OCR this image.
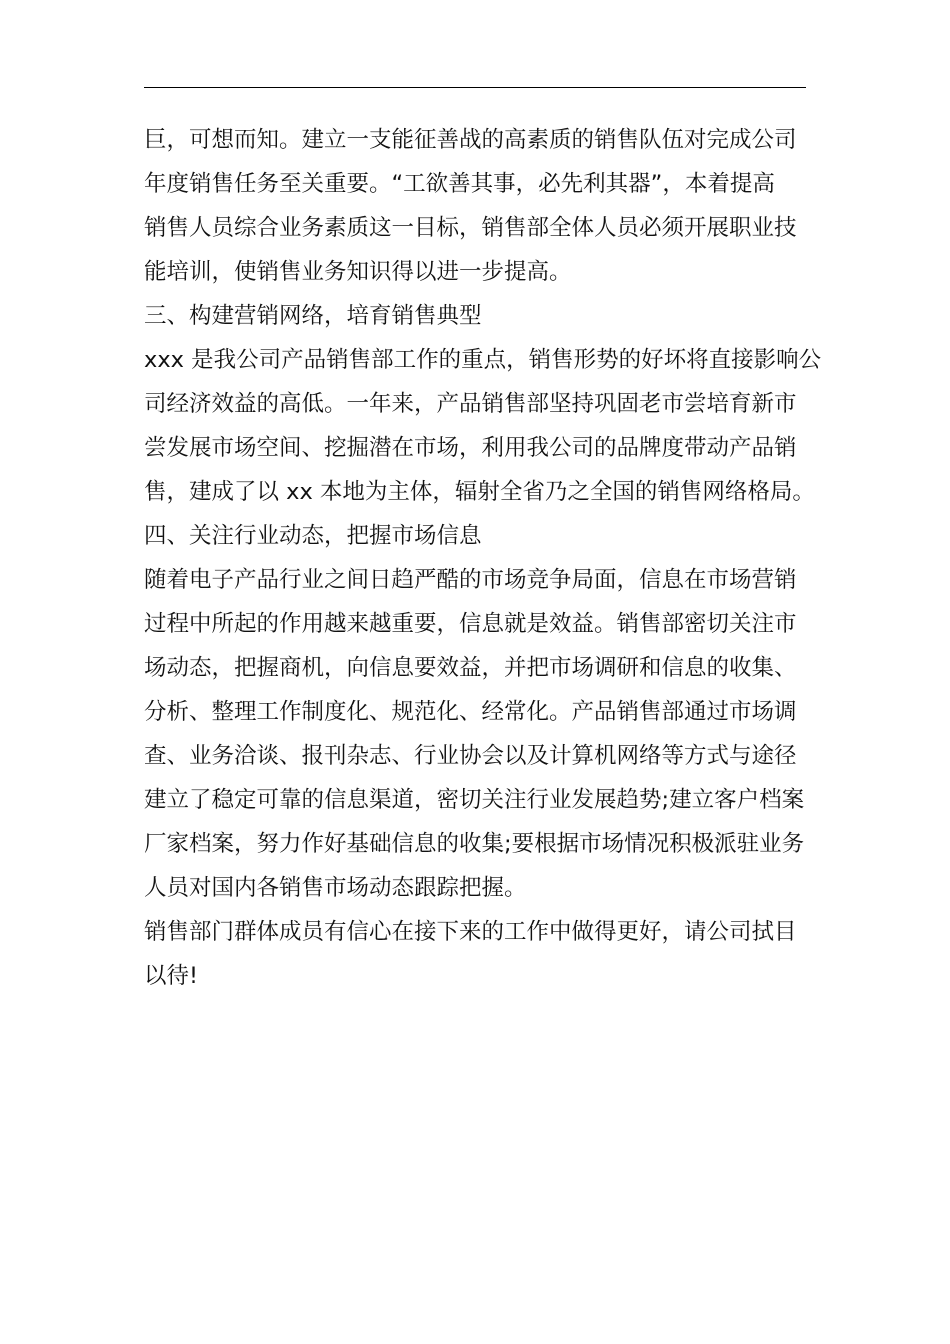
巨，可想而知。建立一支能征善战的高素质的销售队伍对完成公司
年度销售任务至关重要。“工欲善其事，必先利其器”，本着提高
销售人员综合业务素质这一目标，销售部全体人员必须开展职业技
能培训，使销售业务知识得以进一步提高。
三、构建营销网络，培育销售典型
xxx 是我公司产品销售部工作的重点，销售形势的好坏将直接影响公
司经济效益的高低。一年来，产品销售部坚持巩固老市尝培育新市
尝发展市场空间、挖掘潜在市场，利用我公司的品牌度带动产品销
售，建成了以 xx 本地为主体，辐射全省乃之全国的销售网络格局。
四、关注行业动态，把握市场信息
随着电子产品行业之间日趋严酷的市场竞争局面，信息在市场营销
过程中所起的作用越来越重要，信息就是效益。销售部密切关注市
场动态，把握商机，向信息要效益，并把市场调研和信息的收集、
分析、整理工作制度化、规范化、经常化。产品销售部通过市场调
查、业务洽谈、报刊杂志、行业协会以及计算机网络等方式与途径
建立了稳定可靠的信息渠道，密切关注行业发展趋势;建立客户档案
厂家档案，努力作好基础信息的收集;要根据市场情况积极派驻业务
人员对国内各销售市场动态跟踪把握。
销售部门群体成员有信心在接下来的工作中做得更好，请公司拭目
以待!
